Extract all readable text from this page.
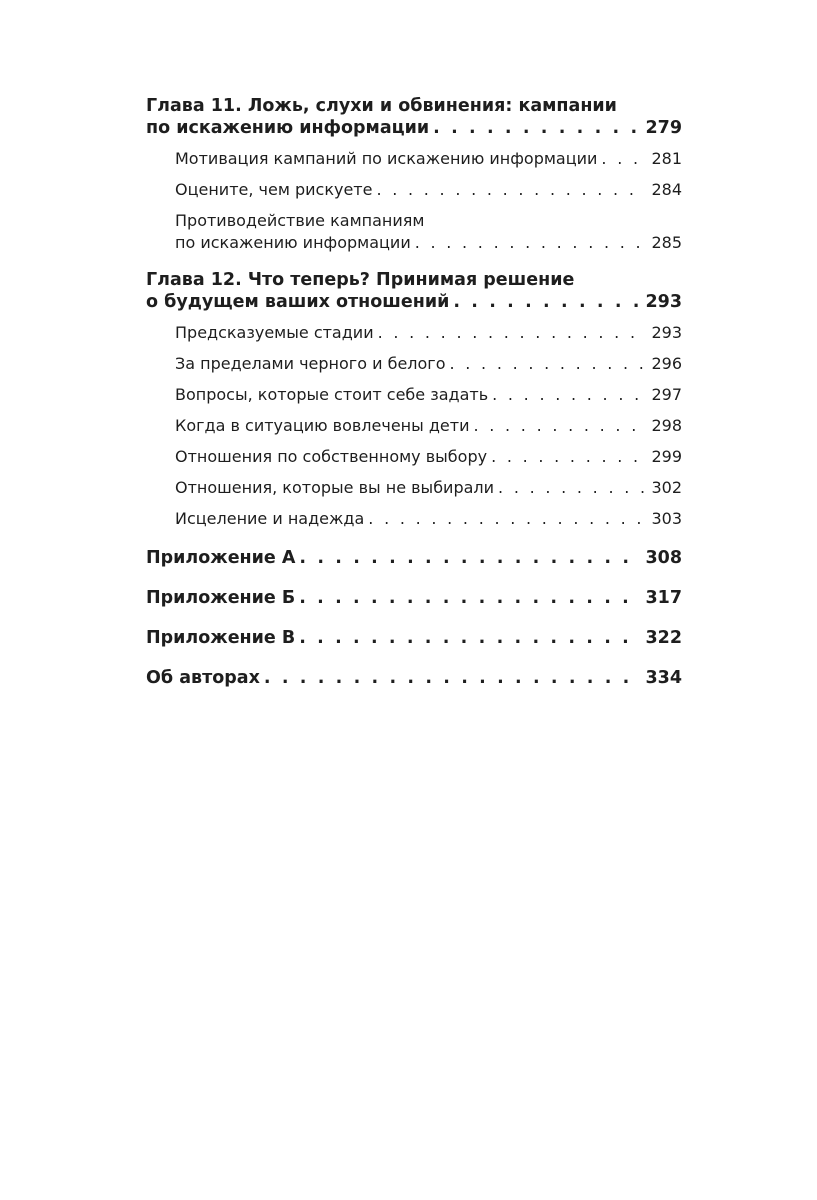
Глава 11. Ложь, слухи и обвинения: кампании
по искажению информации . . .	279
Мотивация кампаний по искажению информации . . .	281
Оцените, чем рискуете . . .	284
Противодействие кампаниям
по искажению информации . . .	285
Глава 12. Что теперь? Принимая решение
о будущем ваших отношений . . .	293
Предсказуемые стадии . . .	293
За пределами черного и белого . . .	296
Вопросы, которые стоит себе задать . . .	297
Когда в ситуацию вовлечены дети . . .	298
Отношения по собственному выбору . . .	299
Отношения, которые вы не выбирали . . .	302
Исцеление и надежда . . .	303
Приложение А . . .	308
Приложение Б . . .	317
Приложение В . . .	322
Об авторах . . .	334
